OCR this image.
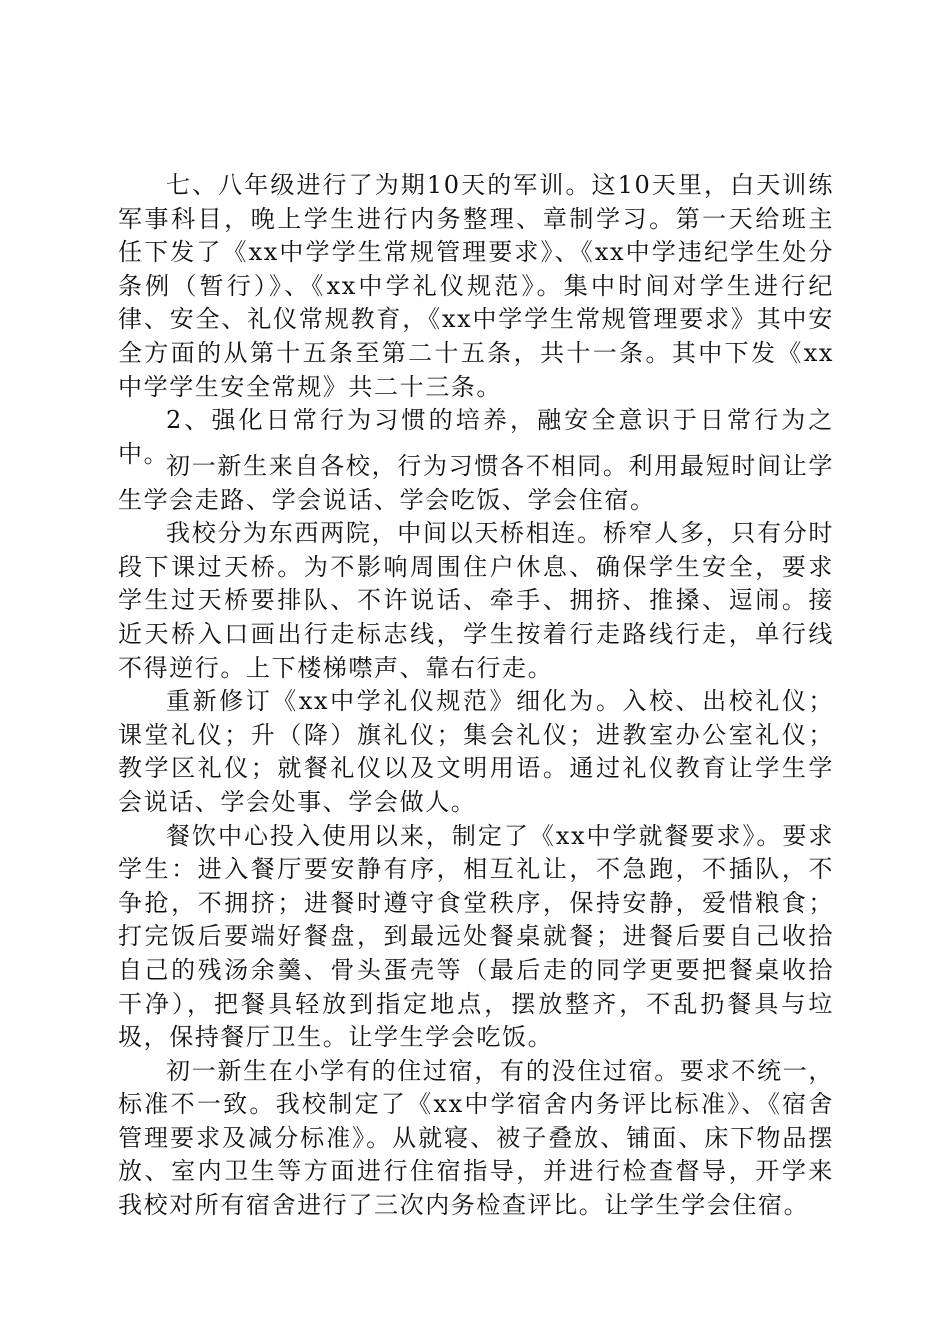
七、八年级进行了为期10天的军训。这10天里，白天训练军事科目，晚上学生进行内务整理、章制学习。第一天给班主任下发了《xx中学学生常规管理要求》、《xx中学违纪学生处分条例（暂行）》、《xx中学礼仪规范》。集中时间对学生进行纪律、安全、礼仪常规教育，《xx中学学生常规管理要求》其中安全方面的从第十五条至第二十五条，共十一条。其中下发《xx中学学生安全常规》共二十三条。

2、强化日常行为习惯的培养，融安全意识于日常行为之中。

初一新生来自各校，行为习惯各不相同。利用最短时间让学生学会走路、学会说话、学会吃饭、学会住宿。

我校分为东西两院，中间以天桥相连。桥窄人多，只有分时段下课过天桥。为不影响周围住户休息、确保学生安全，要求学生过天桥要排队、不许说话、牵手、拥挤、推搡、逗闹。接近天桥入口画出行走标志线，学生按着行走路线行走，单行线不得逆行。上下楼梯噤声、靠右行走。

重新修订《xx中学礼仪规范》细化为。入校、出校礼仪；课堂礼仪；升（降）旗礼仪；集会礼仪；进教室办公室礼仪；教学区礼仪；就餐礼仪以及文明用语。通过礼仪教育让学生学会说话、学会处事、学会做人。

餐饮中心投入使用以来，制定了《xx中学就餐要求》。要求学生：进入餐厅要安静有序，相互礼让，不急跑，不插队，不争抢，不拥挤；进餐时遵守食堂秩序，保持安静，爱惜粮食；打完饭后要端好餐盘，到最远处餐桌就餐；进餐后要自己收拾自己的残汤余羹、骨头蛋壳等（最后走的同学更要把餐桌收拾干净），把餐具轻放到指定地点，摆放整齐，不乱扔餐具与垃圾，保持餐厅卫生。让学生学会吃饭。

初一新生在小学有的住过宿，有的没住过宿。要求不统一，标准不一致。我校制定了《xx中学宿舍内务评比标准》、《宿舍管理要求及减分标准》。从就寝、被子叠放、铺面、床下物品摆放、室内卫生等方面进行住宿指导，并进行检查督导，开学来我校对所有宿舍进行了三次内务检查评比。让学生学会住宿。
